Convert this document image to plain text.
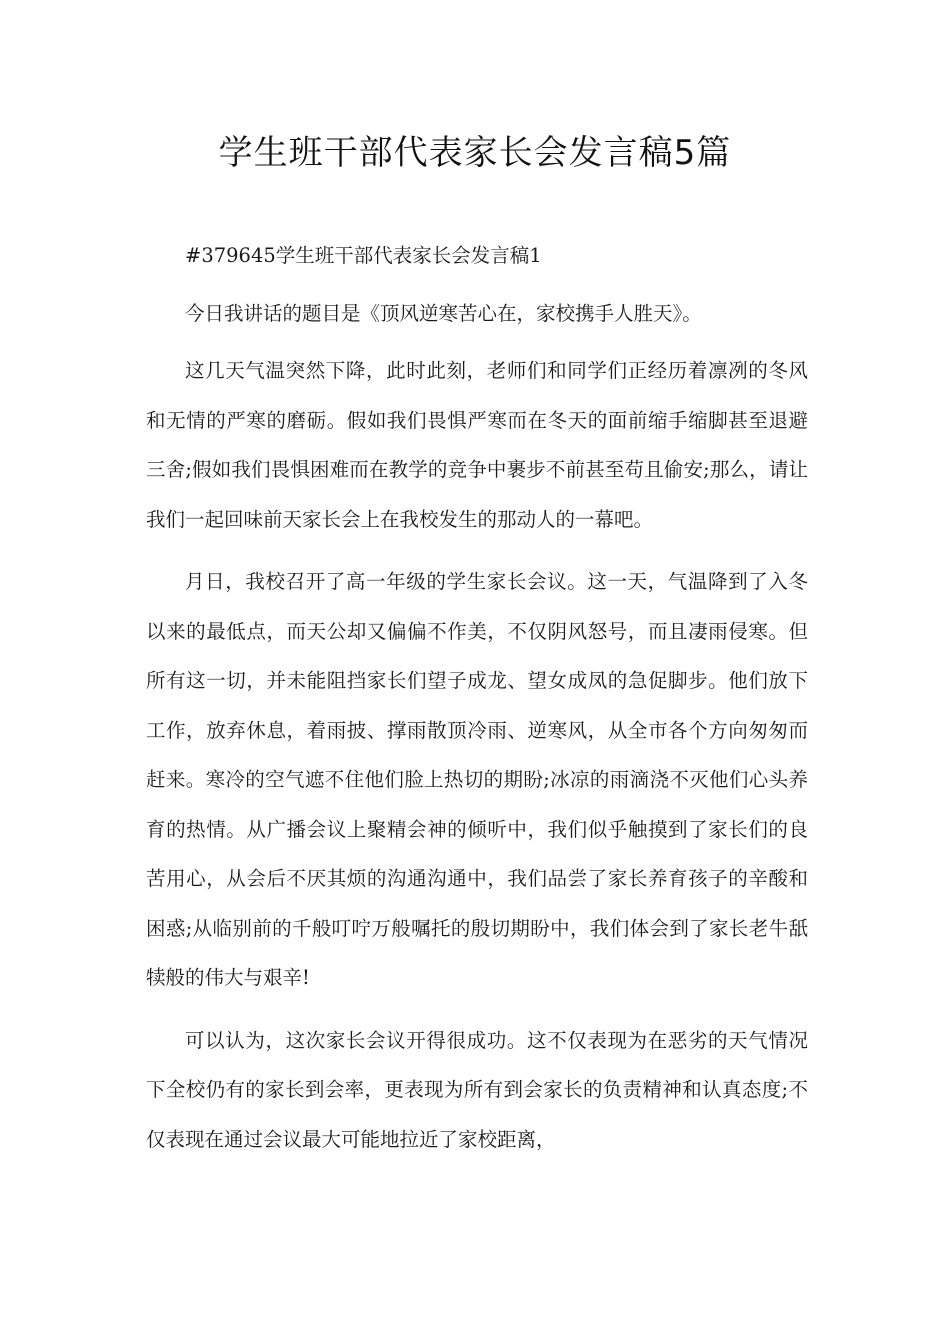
学生班干部代表家长会发言稿5篇

#379645学生班干部代表家长会发言稿1

今日我讲话的题目是《顶风逆寒苦心在，家校携手人胜天》。

这几天气温突然下降，此时此刻，老师们和同学们正经历着凛冽的冬风和无情的严寒的磨砺。假如我们畏惧严寒而在冬天的面前缩手缩脚甚至退避三舍;假如我们畏惧困难而在教学的竞争中裹步不前甚至苟且偷安;那么，请让我们一起回味前天家长会上在我校发生的那动人的一幕吧。

月日，我校召开了高一年级的学生家长会议。这一天，气温降到了入冬以来的最低点，而天公却又偏偏不作美，不仅阴风怒号，而且凄雨侵寒。但所有这一切，并未能阻挡家长们望子成龙、望女成凤的急促脚步。他们放下工作，放弃休息，着雨披、撑雨散顶冷雨、逆寒风，从全市各个方向匆匆而赶来。寒冷的空气遮不住他们脸上热切的期盼;冰凉的雨滴浇不灭他们心头养育的热情。从广播会议上聚精会神的倾听中，我们似乎触摸到了家长们的良苦用心，从会后不厌其烦的沟通沟通中，我们品尝了家长养育孩子的辛酸和困惑;从临别前的千般叮咛万般嘱托的殷切期盼中，我们体会到了家长老牛舐犊般的伟大与艰辛!

可以认为，这次家长会议开得很成功。这不仅表现为在恶劣的天气情况下全校仍有的家长到会率，更表现为所有到会家长的负责精神和认真态度;不仅表现在通过会议最大可能地拉近了家校距离，
